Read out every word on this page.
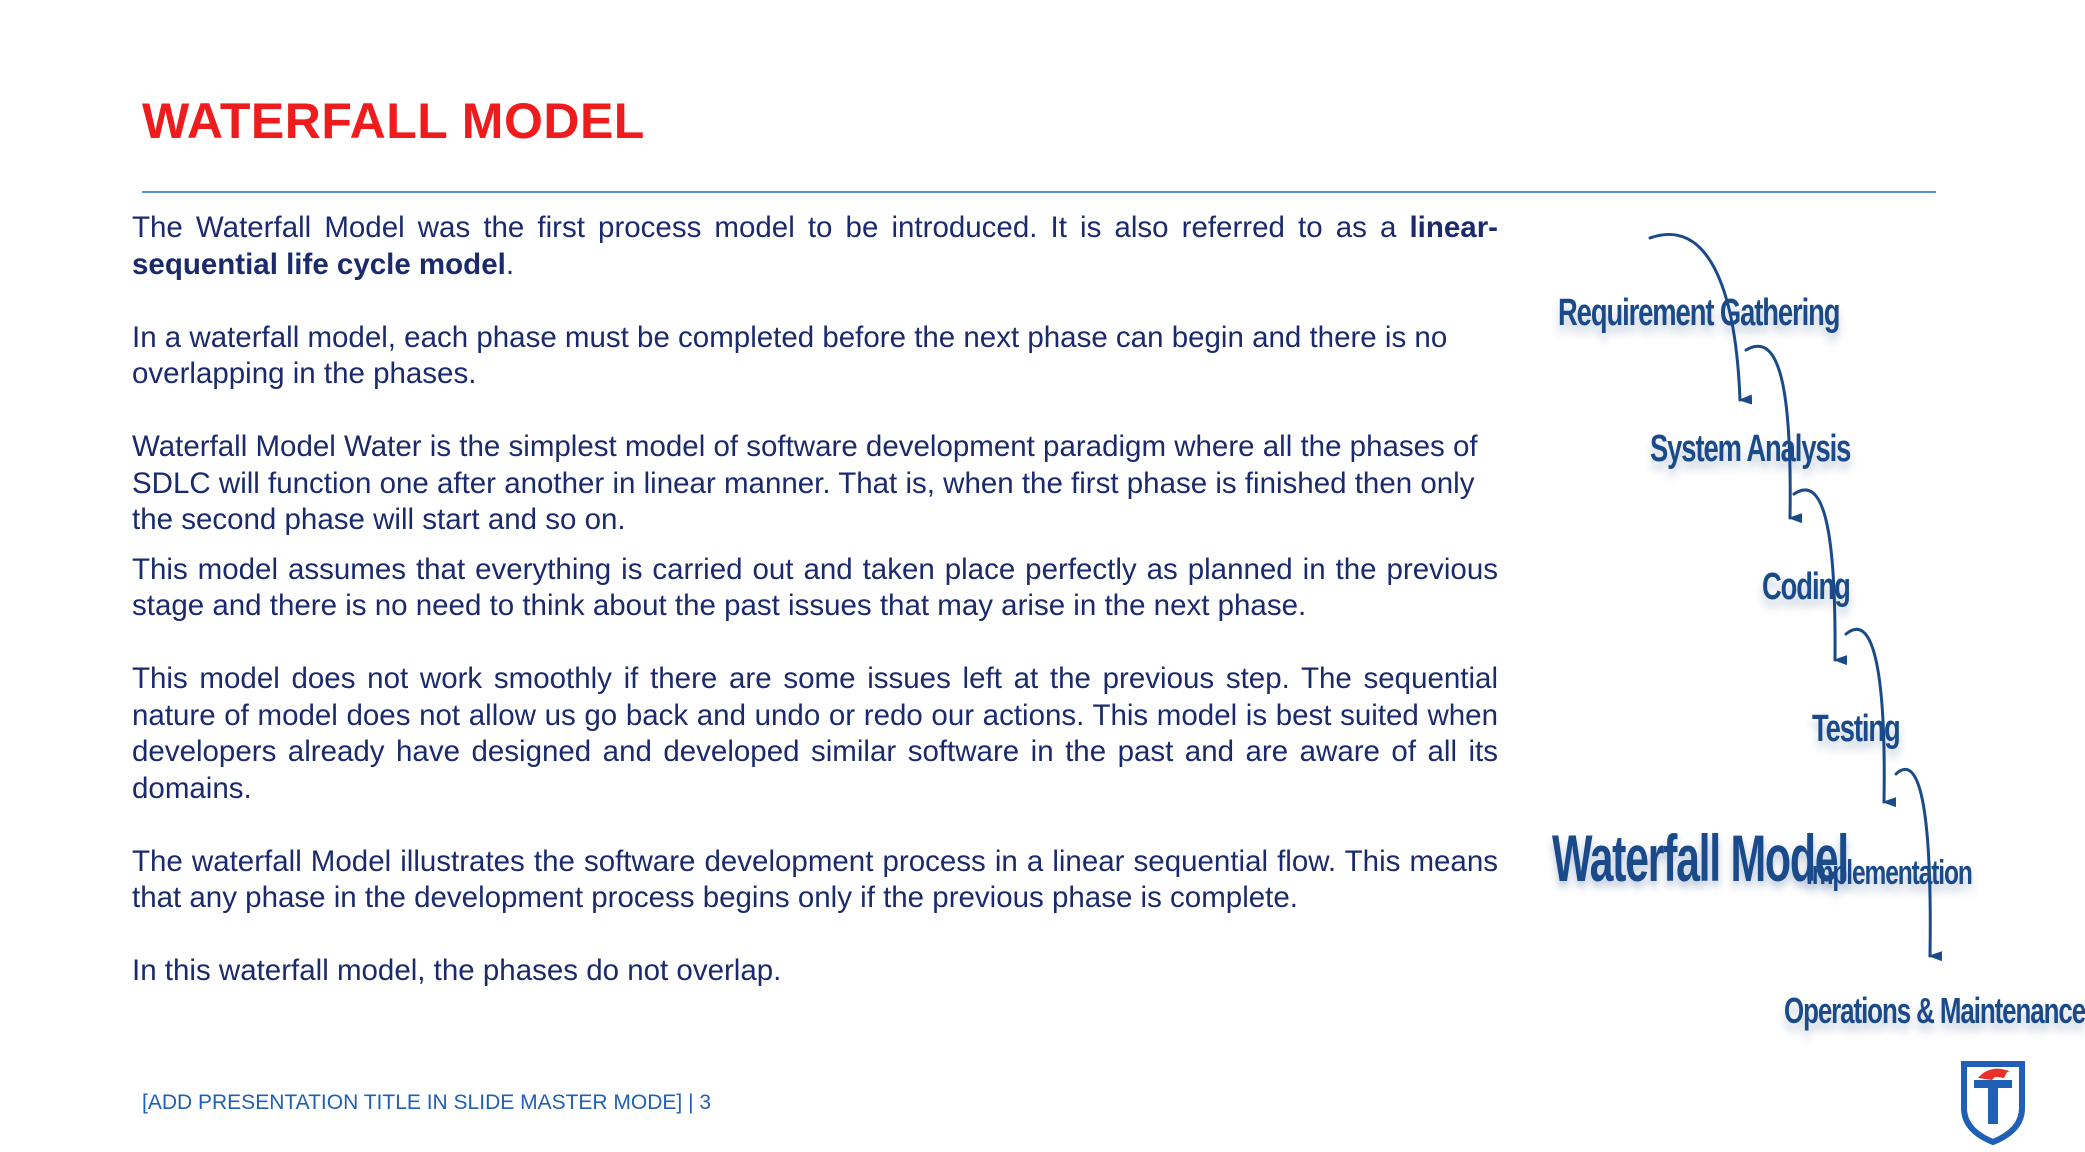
WATERFALL MODEL

The Waterfall Model was the first process model to be introduced. It is also referred to as a linear-sequential life cycle model.

In a waterfall model, each phase must be completed before the next phase can begin and there is no overlapping in the phases.

Waterfall Model Water is the simplest model of software development paradigm where all the phases of SDLC will function one after another in linear manner. That is, when the first phase is finished then only the second phase will start and so on.

This model assumes that everything is carried out and taken place perfectly as planned in the previous stage and there is no need to think about the past issues that may arise in the next phase.

This model does not work smoothly if there are some issues left at the previous step. The sequential nature of model does not allow us go back and undo or redo our actions. This model is best suited when developers already have designed and developed similar software in the past and are aware of all its domains.

The waterfall Model illustrates the software development process in a linear sequential flow. This means that any phase in the development process begins only if the previous phase is complete.

In this waterfall model, the phases do not overlap.

Requirement Gathering
System Analysis
Coding
Testing
Implementation
Operations & Maintenance
Waterfall Model
[ADD PRESENTATION TITLE IN SLIDE MASTER MODE] | 3
